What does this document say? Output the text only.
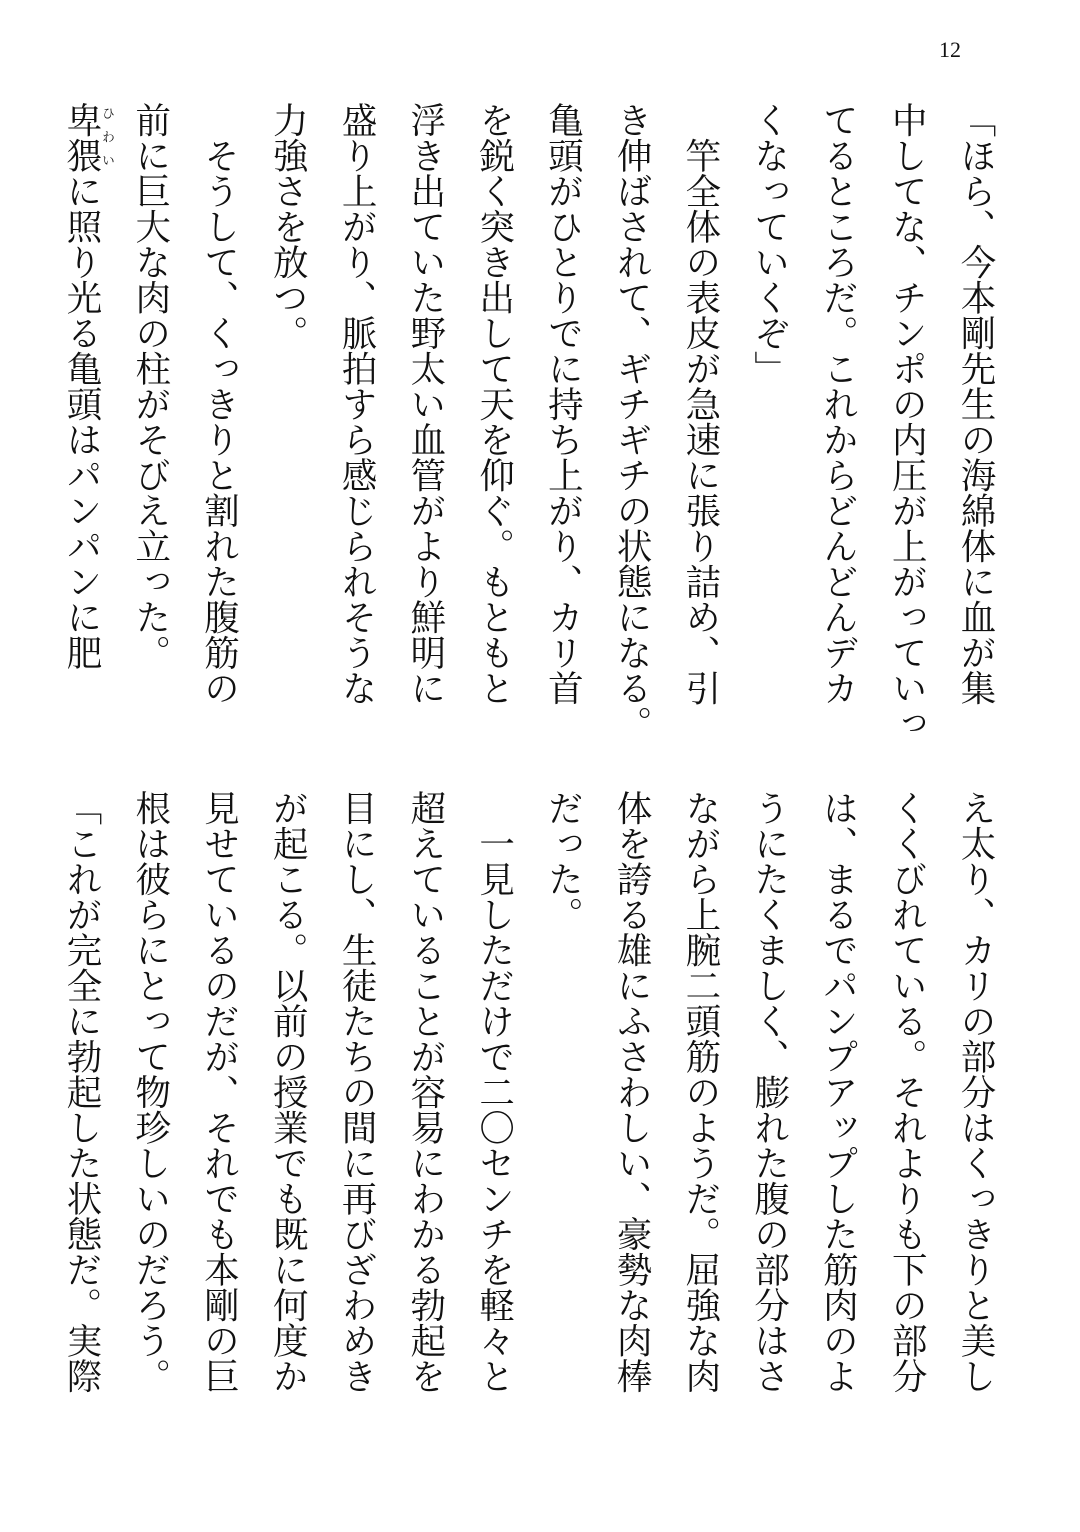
12
「ほら、今本剛先生の海綿体に血が集
中してな、チンポの内圧が上がっていっ
てるところだ。これからどんどんデカ
くなっていくぞ」
　竿全体の表皮が急速に張り詰め、引
き伸ばされて、ギチギチの状態になる。
亀頭がひとりでに持ち上がり、カリ首
を鋭く突き出して天を仰ぐ。もともと
浮き出ていた野太い血管がより鮮明に
盛り上がり、脈拍すら感じられそうな
力強さを放つ。
　そうして、くっきりと割れた腹筋の
前に巨大な肉の柱がそびえ立った。
卑猥ひわいに照り光る亀頭はパンパンに肥
え太り、カリの部分はくっきりと美し
くくびれている。それよりも下の部分
は、まるでパンプアップした筋肉のよ
うにたくましく、膨れた腹の部分はさ
ながら上腕二頭筋のようだ。屈強な肉
体を誇る雄にふさわしい、豪勢な肉棒
だった。
　一見しただけで二〇センチを軽々と
超えていることが容易にわかる勃起を
目にし、生徒たちの間に再びざわめき
が起こる。以前の授業でも既に何度か
見せているのだが、それでも本剛の巨
根は彼らにとって物珍しいのだろう。
「これが完全に勃起した状態だ。実際
